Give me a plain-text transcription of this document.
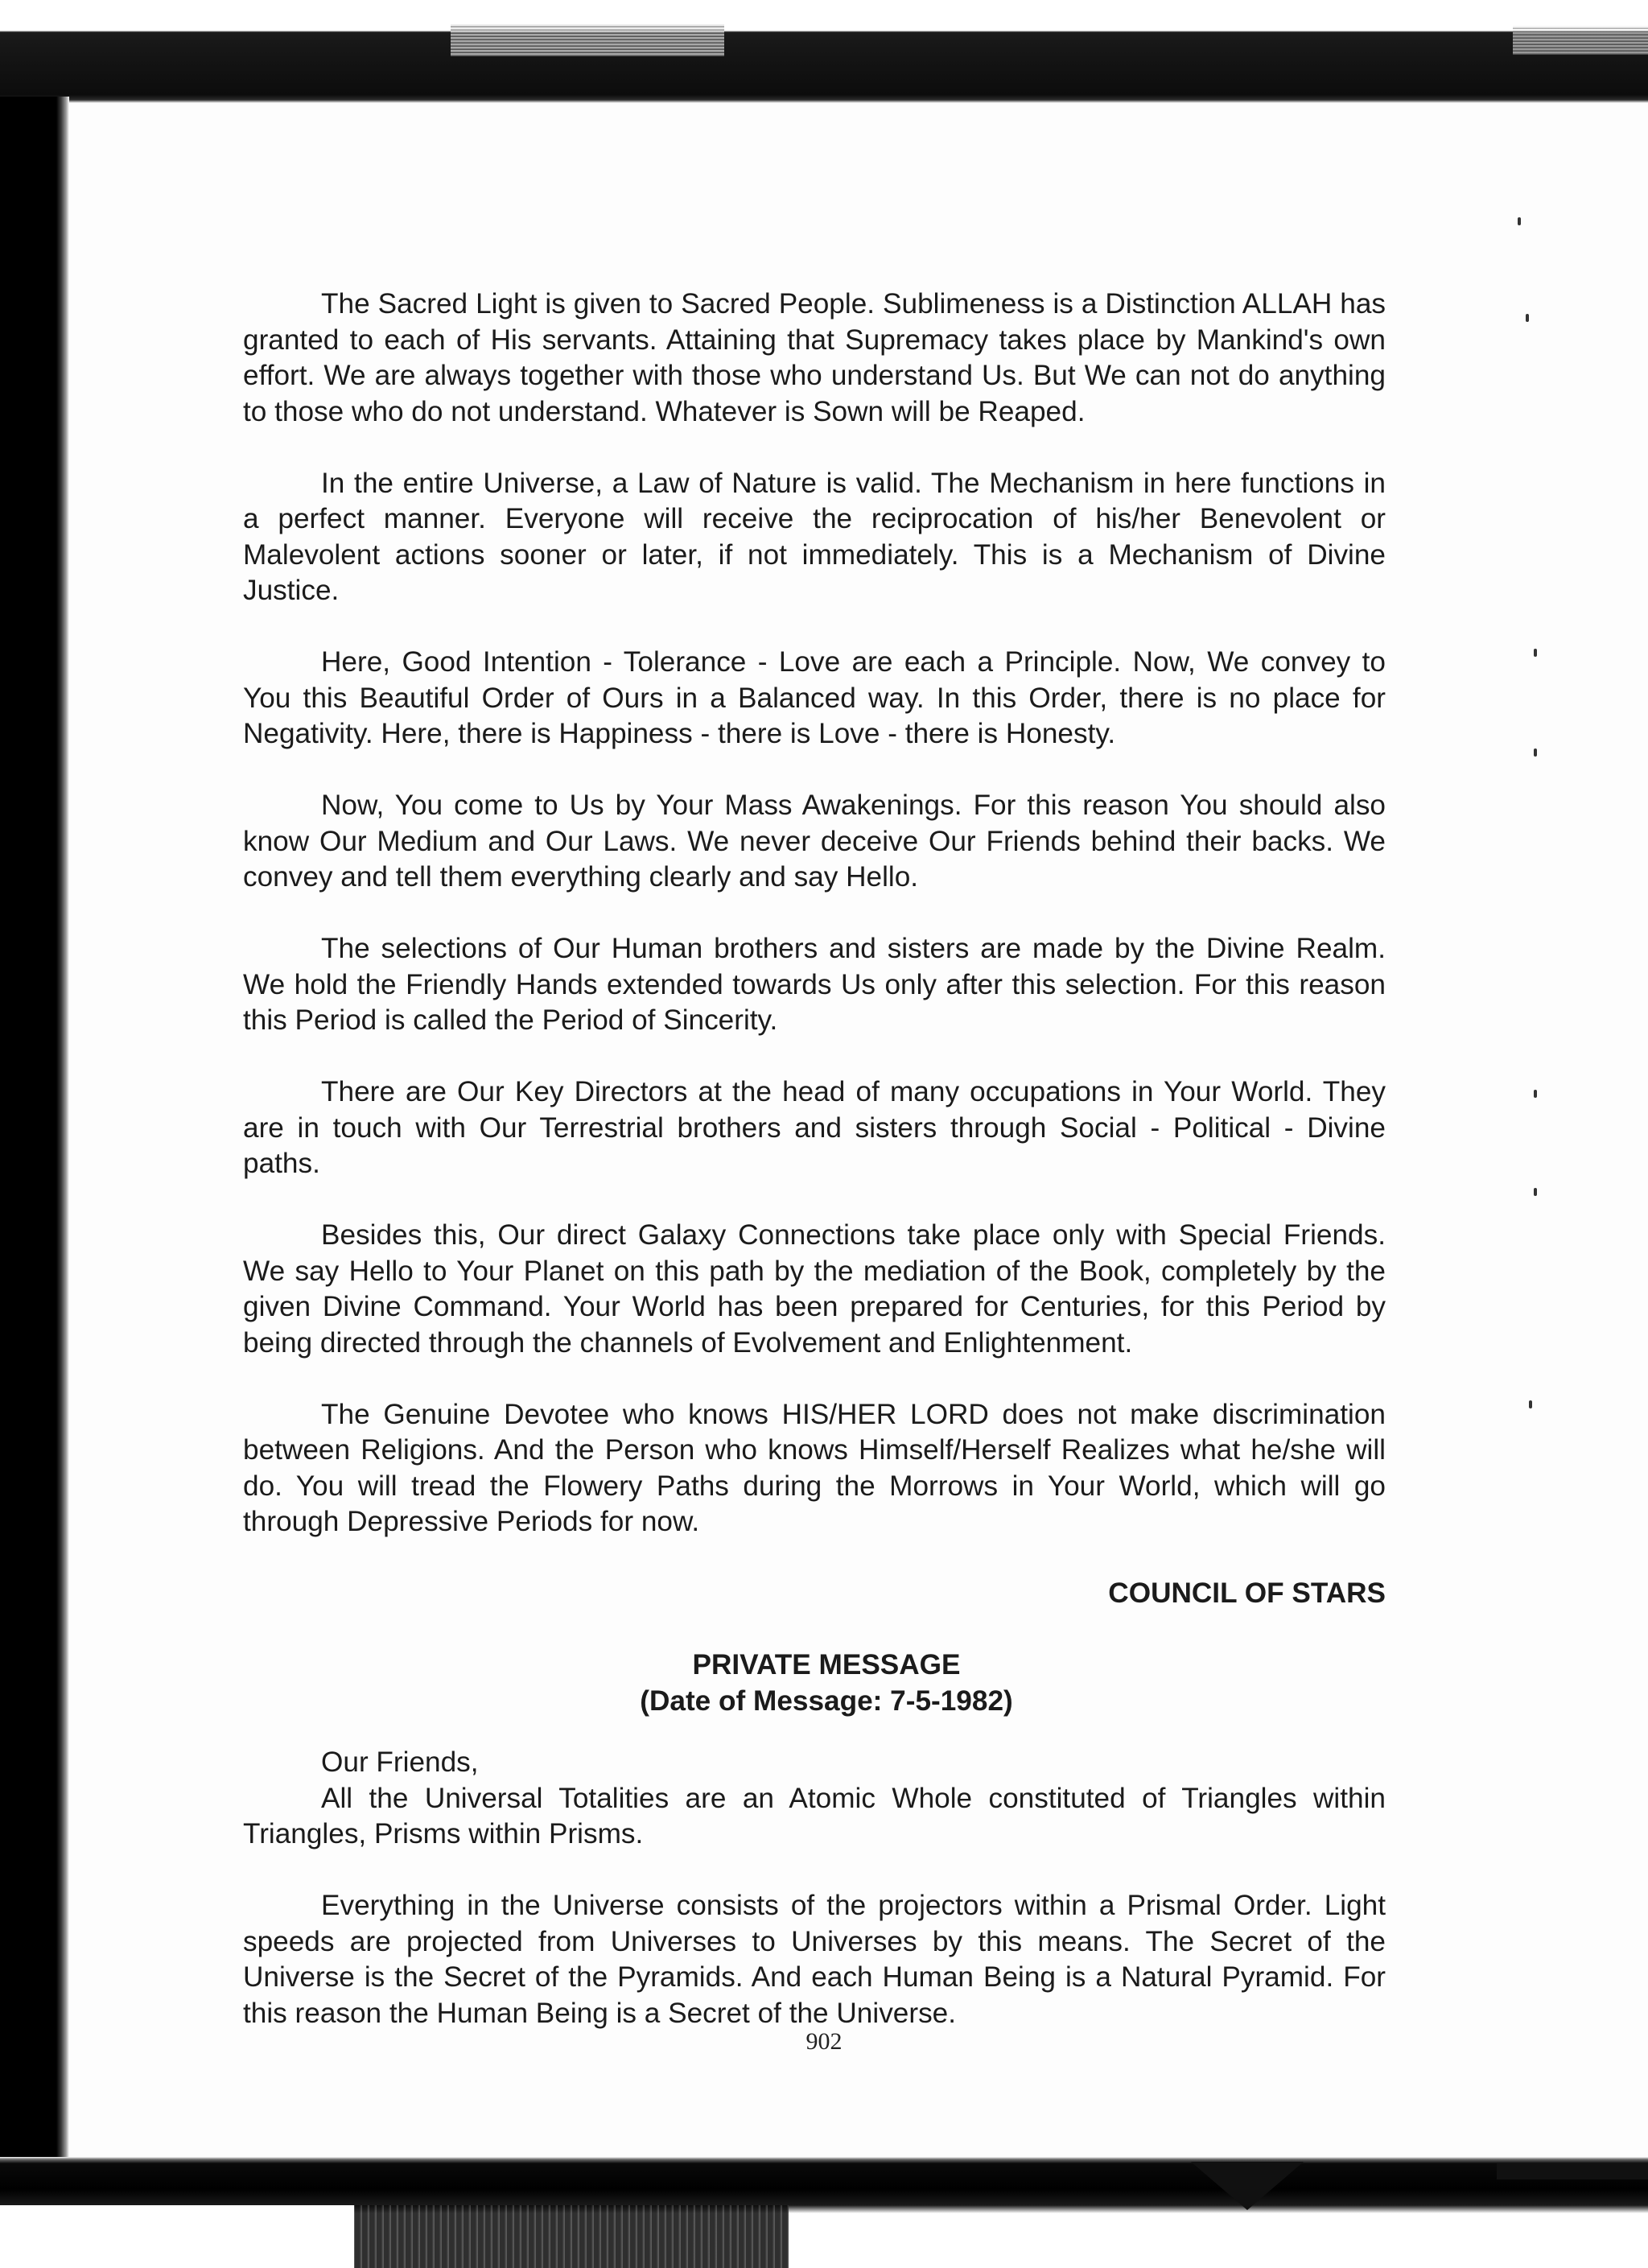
The Sacred Light is given to Sacred People. Sublimeness is a Distinction ALLAH has granted to each of His servants. Attaining that Supremacy takes place by Mankind's own effort. We are always together with those who understand Us. But We can not do anything to those who do not understand. Whatever is Sown will be Reaped.

In the entire Universe, a Law of Nature is valid. The Mechanism in here functions in a perfect manner. Everyone will receive the reciprocation of his/her Benevolent or Malevolent actions sooner or later, if not immediately. This is a Mechanism of Divine Justice.

Here, Good Intention - Tolerance - Love are each a Principle. Now, We convey to You this Beautiful Order of Ours in a Balanced way. In this Order, there is no place for Negativity. Here, there is Happiness - there is Love - there is Honesty.

Now, You come to Us by Your Mass Awakenings. For this reason You should also know Our Medium and Our Laws. We never deceive Our Friends behind their backs. We convey and tell them everything clearly and say Hello.

The selections of Our Human brothers and sisters are made by the Divine Realm. We hold the Friendly Hands extended towards Us only after this selection. For this reason this Period is called the Period of Sincerity.

There are Our Key Directors at the head of many occupations in Your World. They are in touch with Our Terrestrial brothers and sisters through Social - Political - Divine paths.

Besides this, Our direct Galaxy Connections take place only with Special Friends. We say Hello to Your Planet on this path by the mediation of the Book, completely by the given Divine Command. Your World has been prepared for Centuries, for this Period by being directed through the channels of Evolvement and Enlightenment.

The Genuine Devotee who knows HIS/HER LORD does not make discrimination between Religions. And the Person who knows Himself/Herself Realizes what he/she will do. You will tread the Flowery Paths during the Morrows in Your World, which will go through Depressive Periods for now.

COUNCIL OF STARS

PRIVATE MESSAGE

(Date of Message: 7-5-1982)

Our Friends,

All the Universal Totalities are an Atomic Whole constituted of Triangles within Triangles, Prisms within Prisms.

Everything in the Universe consists of the projectors within a Prismal Order. Light speeds are projected from Universes to Universes by this means. The Secret of the Universe is the Secret of the Pyramids. And each Human Being is a Natural Pyramid. For this reason the Human Being is a Secret of the Universe.

902
